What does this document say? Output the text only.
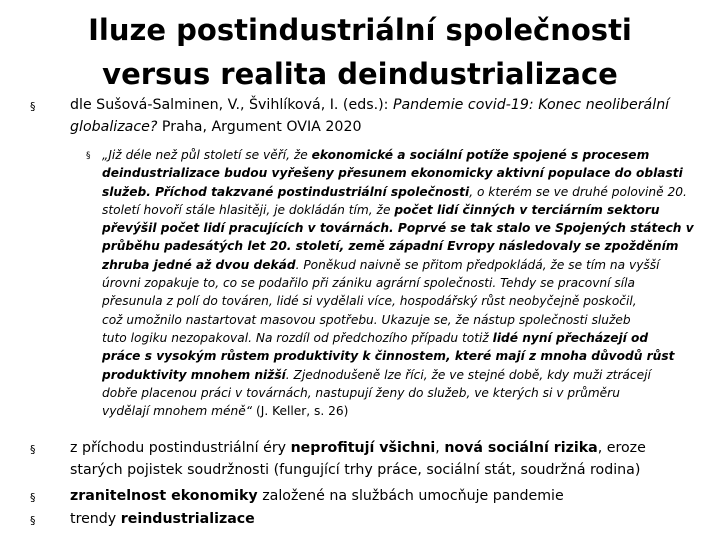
Iluze postindustriální společnosti
versus realita deindustrializace
§ dle Sušová-Salminen, V., Švihlíková, I. (eds.): Pandemie covid-19: Konec neoliberální globalizace? Praha, Argument OVIA 2020
§ „Již déle než půl století se věří, že ekonomické a sociální potíže spojené s procesem
deindustrializace budou vyřešeny přesunem ekonomicky aktivní populace do oblasti
služeb. Příchod takzvané postindustriální společnosti, o kterém se ve druhé polovině 20.
století hovoří stále hlasitěji, je dokládán tím, že počet lidí činných v terciárním sektoru
převýšil počet lidí pracujících v továrnách. Poprvé se tak stalo ve Spojených státech v
průběhu padesátých let 20. století, země západní Evropy následovaly se zpožděním
zhruba jedné až dvou dekád. Poněkud naivně se přitom předpokládá, že se tím na vyšší
úrovni zopakuje to, co se podařilo při zániku agrární společnosti. Tehdy se pracovní síla
přesunula z polí do továren, lidé si vydělali více, hospodářský růst neobyčejně poskočil,
což umožnilo nastartovat masovou spotřebu. Ukazuje se, že nástup společnosti služeb
tuto logiku nezopakoval. Na rozdíl od předchozího případu totiž lidé nyní přecházejí od
práce s vysokým růstem produktivity k činnostem, které mají z mnoha důvodů růst
produktivity mnohem nižší. Zjednodušeně lze říci, že ve stejné době, kdy muži ztrácejí
dobře placenou práci v továrnách, nastupují ženy do služeb, ve kterých si v průměru
vydělají mnohem méně“ (J. Keller, s. 26)
§ z příchodu postindustriální éry neprofitují všichni, nová sociální rizika, eroze
starých pojistek soudržnosti (fungující trhy práce, sociální stát, soudržná rodina)
§ zranitelnost ekonomiky založené na službách umocňuje pandemie
§ trendy reindustrializace
